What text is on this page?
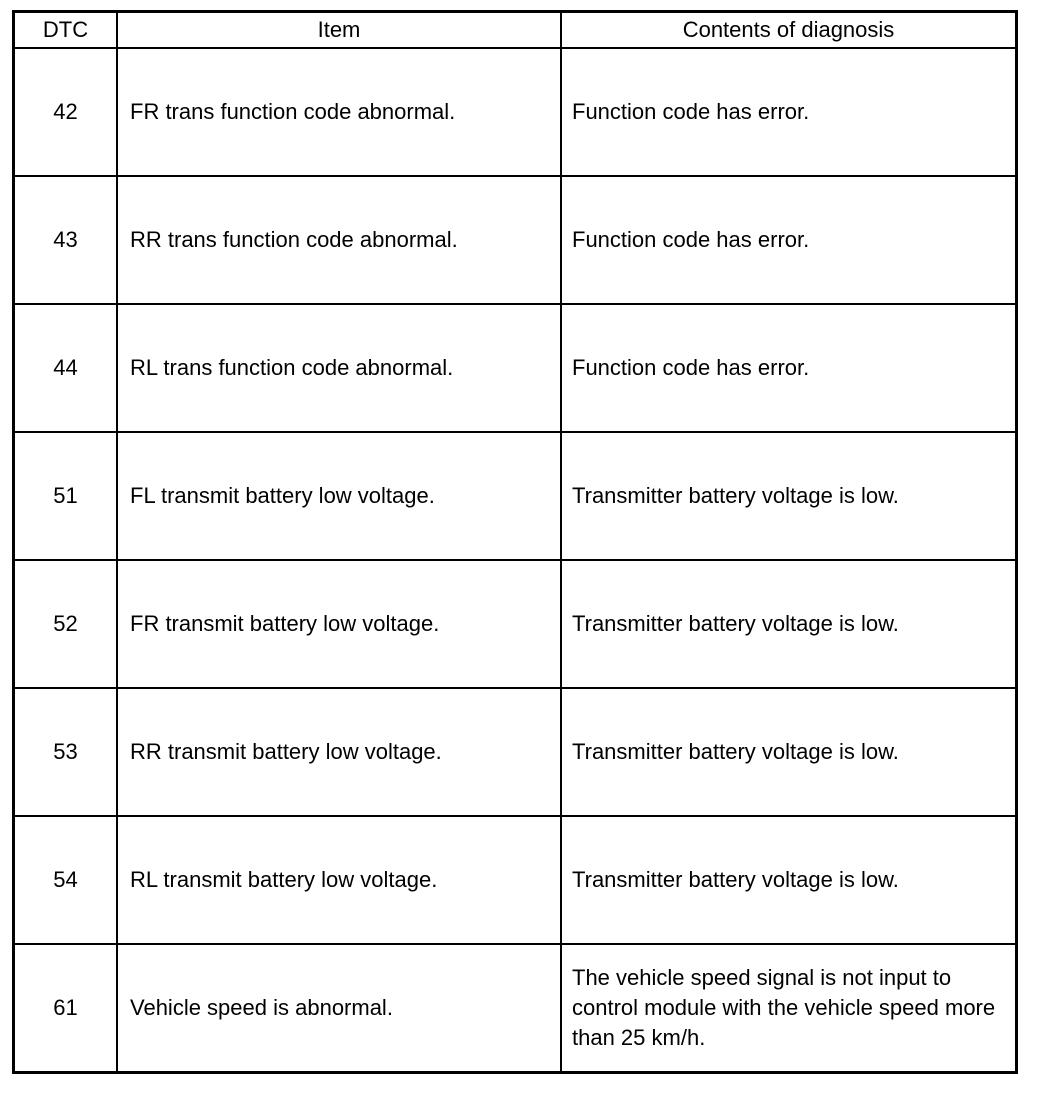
DTC	Item	Contents of diagnosis
42	FR trans function code abnormal.	Function code has error.
43	RR trans function code abnormal.	Function code has error.
44	RL trans function code abnormal.	Function code has error.
51	FL transmit battery low voltage.	Transmitter battery voltage is low.
52	FR transmit battery low voltage.	Transmitter battery voltage is low.
53	RR transmit battery low voltage.	Transmitter battery voltage is low.
54	RL transmit battery low voltage.	Transmitter battery voltage is low.
61	Vehicle speed is abnormal.	The vehicle speed signal is not input to control module with the vehicle speed more than 25 km/h.
